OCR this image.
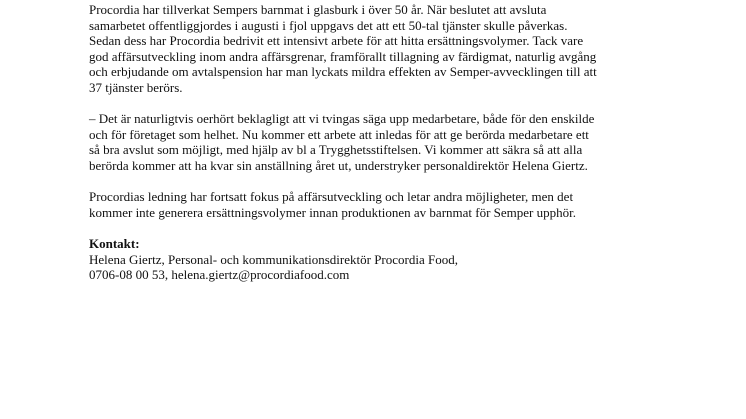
Procordia har tillverkat Sempers barnmat i glasburk i över 50 år. När beslutet att avsluta
samarbetet offentliggjordes i augusti i fjol uppgavs det att ett 50-tal tjänster skulle påverkas.
Sedan dess har Procordia bedrivit ett intensivt arbete för att hitta ersättningsvolymer. Tack vare
god affärsutveckling inom andra affärsgrenar, framförallt tillagning av färdigmat, naturlig avgång
och erbjudande om avtalspension har man lyckats mildra effekten av Semper-avvecklingen till att
37 tjänster berörs.

– Det är naturligtvis oerhört beklagligt att vi tvingas säga upp medarbetare, både för den enskilde
och för företaget som helhet. Nu kommer ett arbete att inledas för att ge berörda medarbetare ett
så bra avslut som möjligt, med hjälp av bl a Trygghetsstiftelsen. Vi kommer att säkra så att alla
berörda kommer att ha kvar sin anställning året ut, understryker personaldirektör Helena Giertz.

Procordias ledning har fortsatt fokus på affärsutveckling och letar andra möjligheter, men det
kommer inte generera ersättningsvolymer innan produktionen av barnmat för Semper upphör.

Kontakt:
Helena Giertz, Personal- och kommunikationsdirektör Procordia Food,
0706-08 00 53, helena.giertz@procordiafood.com
